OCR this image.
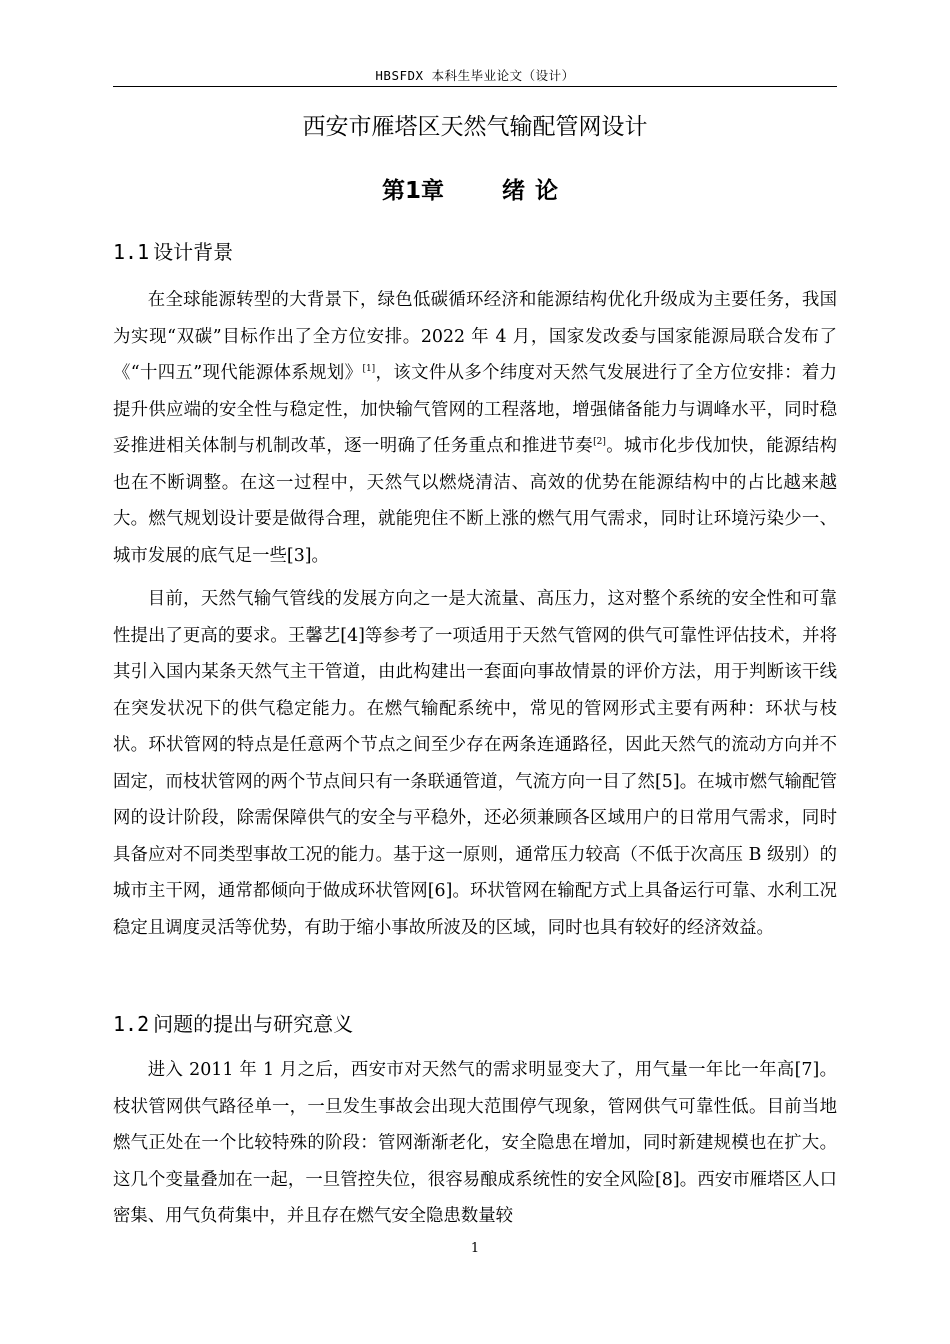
HBSFDX 本科生毕业论文（设计）
西安市雁塔区天然气输配管网设计
第1章	绪论
1.1 设计背景

在全球能源转型的大背景下，绿色低碳循环经济和能源结构优化升级成为主要任务，我国为实现“双碳”目标作出了全方位安排。2022 年 4 月，国家发改委与国家能源局联合发布了《“十四五”现代能源体系规划》[1]，该文件从多个纬度对天然气发展进行了全方位安排：着力提升供应端的安全性与稳定性，加快输气管网的工程落地，增强储备能力与调峰水平，同时稳妥推进相关体制与机制改革，逐一明确了任务重点和推进节奏[2]。城市化步伐加快，能源结构也在不断调整。在这一过程中，天然气以燃烧清洁、高效的优势在能源结构中的占比越来越大。燃气规划设计要是做得合理，就能兜住不断上涨的燃气用气需求，同时让环境污染少一、城市发展的底气足一些[3]。

目前，天然气输气管线的发展方向之一是大流量、高压力，这对整个系统的安全性和可靠性提出了更高的要求。王馨艺[4]等参考了一项适用于天然气管网的供气可靠性评估技术，并将其引入国内某条天然气主干管道，由此构建出一套面向事故情景的评价方法，用于判断该干线在突发状况下的供气稳定能力。在燃气输配系统中，常见的管网形式主要有两种：环状与枝状。环状管网的特点是任意两个节点之间至少存在两条连通路径，因此天然气的流动方向并不固定，而枝状管网的两个节点间只有一条联通管道，气流方向一目了然[5]。在城市燃气输配管网的设计阶段，除需保障供气的安全与平稳外，还必须兼顾各区域用户的日常用气需求，同时具备应对不同类型事故工况的能力。基于这一原则，通常压力较高（不低于次高压 B 级别）的城市主干网，通常都倾向于做成环状管网[6]。环状管网在输配方式上具备运行可靠、水利工况稳定且调度灵活等优势，有助于缩小事故所波及的区域，同时也具有较好的经济效益。

1.2 问题的提出与研究意义

进入 2011 年 1 月之后，西安市对天然气的需求明显变大了，用气量一年比一年高[7]。枝状管网供气路径单一，一旦发生事故会出现大范围停气现象，管网供气可靠性低。目前当地燃气正处在一个比较特殊的阶段：管网渐渐老化，安全隐患在增加，同时新建规模也在扩大。这几个变量叠加在一起，一旦管控失位，很容易酿成系统性的安全风险[8]。西安市雁塔区人口密集、用气负荷集中，并且存在燃气安全隐患数量较

1
